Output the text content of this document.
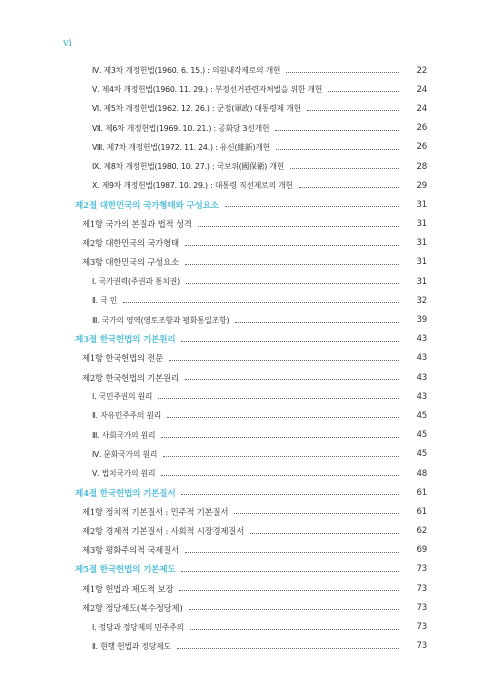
vi
Ⅳ. 제3차 개정헌법(1960. 6. 15.) : 의원내각제로의 개헌	22
Ⅴ. 제4차 개정헌법(1960. 11. 29.) : 부정선거관련자처벌을 위한 개헌	24
Ⅵ. 제5차 개정헌법(1962. 12. 26.) : 군정(軍政) 대통령제 개헌	24
Ⅶ. 제6차 개정헌법(1969. 10. 21.) : 공화당 3선개헌	26
Ⅷ. 제7차 개정헌법(1972. 11. 24.) : 유신(維新)개헌	26
Ⅸ. 제8차 개정헌법(1980. 10. 27.) : 국보위(國保衛) 개헌	28
Ⅹ. 제9차 개정헌법(1987. 10. 29.) : 대통령 직선제로의 개헌	29
제2절 대한민국의 국가형태와 구성요소	31
제1항 국가의 본질과 법적 성격	31
제2항 대한민국의 국가형태	31
제3항 대한민국의 구성요소	31
Ⅰ. 국가권력(주권과 통치권)	31
Ⅱ. 국 민	32
Ⅲ. 국가의 영역(영토조항과 평화통일조항)	39
제3절 한국헌법의 기본원리	43
제1항 한국헌법의 전문	43
제2항 한국헌법의 기본원리	43
Ⅰ. 국민주권의 원리	43
Ⅱ. 자유민주주의 원리	45
Ⅲ. 사회국가의 원리	45
Ⅳ. 문화국가의 원리	45
Ⅴ. 법치국가의 원리	48
제4절 한국헌법의 기본질서	61
제1항 정치적 기본질서 : 민주적 기본질서	61
제2항 경제적 기본질서 : 사회적 시장경제질서	62
제3항 평화주의적 국제질서	69
제5절 한국헌법의 기본제도	73
제1항 헌법과 제도적 보장	73
제2항 정당제도(복수정당제)	73
Ⅰ. 정당과 정당제의 민주주의	73
Ⅱ. 현행 헌법과 정당제도	73
